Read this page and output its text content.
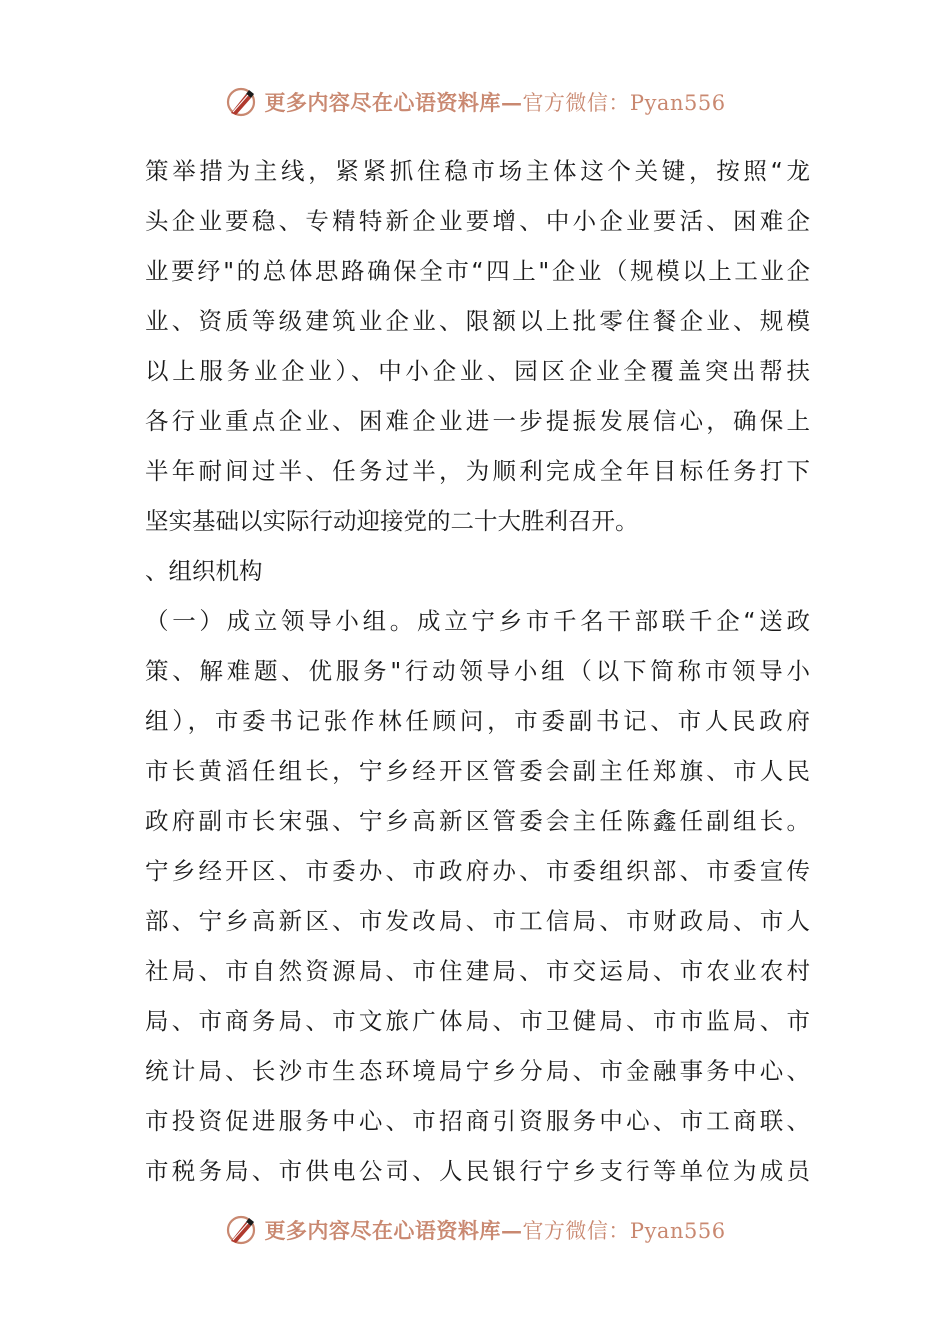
更多内容尽在心语资料库—官方微信：Pyan556
策举措为主线，紧紧抓住稳市场主体这个关键，按照“龙
头企业要稳、专精特新企业要增、中小企业要活、困难企
业要纾"的总体思路确保全市“四上"企业（规模以上工业企
业、资质等级建筑业企业、限额以上批零住餐企业、规模
以上服务业企业）、中小企业、园区企业全覆盖突出帮扶
各行业重点企业、困难企业进一步提振发展信心，确保上
半年耐间过半、任务过半，为顺利完成全年目标任务打下
坚实基础以实际行动迎接党的二十大胜利召开。
、组织机构
（一）成立领导小组。成立宁乡市千名干部联千企“送政
策、解难题、优服务"行动领导小组（以下简称市领导小
组），市委书记张作林任顾问，市委副书记、市人民政府
市长黄滔任组长，宁乡经开区管委会副主任郑旗、市人民
政府副市长宋强、宁乡高新区管委会主任陈鑫任副组长。
宁乡经开区、市委办、市政府办、市委组织部、市委宣传
部、宁乡高新区、市发改局、市工信局、市财政局、市人
社局、市自然资源局、市住建局、市交运局、市农业农村
局、市商务局、市文旅广体局、市卫健局、市市监局、市
统计局、长沙市生态环境局宁乡分局、市金融事务中心、
市投资促进服务中心、市招商引资服务中心、市工商联、
市税务局、市供电公司、人民银行宁乡支行等单位为成员
更多内容尽在心语资料库—官方微信：Pyan556
